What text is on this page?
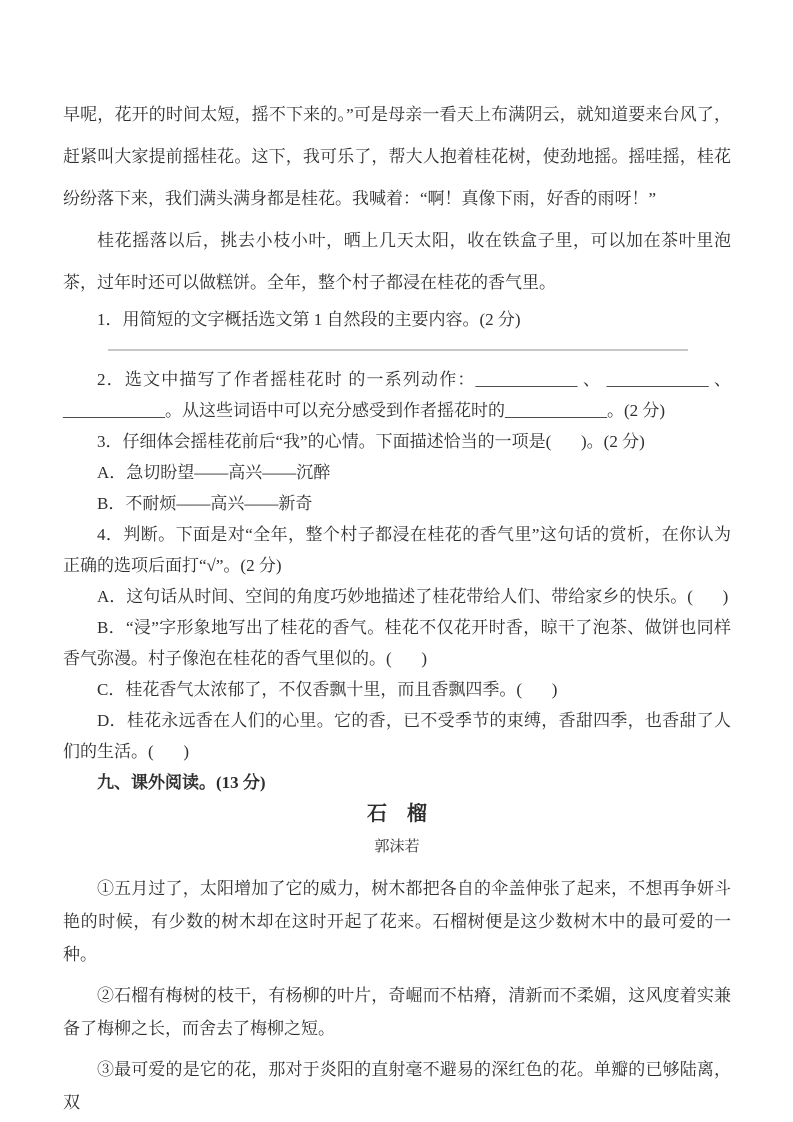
早呢，花开的时间太短，摇不下来的。”可是母亲一看天上布满阴云，就知道要来台风了，赶紧叫大家提前摇桂花。这下，我可乐了，帮大人抱着桂花树，使劲地摇。摇哇摇，桂花纷纷落下来，我们满头满身都是桂花。我喊着：“啊！真像下雨，好香的雨呀！”

桂花摇落以后，挑去小枝小叶，晒上几天太阳，收在铁盒子里，可以加在茶叶里泡茶，过年时还可以做糕饼。全年，整个村子都浸在桂花的香气里。

1．用简短的文字概括选文第 1 自然段的主要内容。(2 分)

2．选文中描写了作者摇桂花时 的一系列动作：____________ 、 ____________ 、____________。从这些词语中可以充分感受到作者摇花时的____________。(2 分)

3．仔细体会摇桂花前后“我”的心情。下面描述恰当的一项是(       )。(2 分)

A．急切盼望——高兴——沉醉

B．不耐烦——高兴——新奇

4．判断。下面是对“全年，整个村子都浸在桂花的香气里”这句话的赏析，在你认为正确的选项后面打“√”。(2 分)

A．这句话从时间、空间的角度巧妙地描述了桂花带给人们、带给家乡的快乐。(       )

B．“浸”字形象地写出了桂花的香气。桂花不仅花开时香，晾干了泡茶、做饼也同样香气弥漫。村子像泡在桂花的香气里似的。(       )

C．桂花香气太浓郁了，不仅香飘十里，而且香飘四季。(       )

D．桂花永远香在人们的心里。它的香，已不受季节的束缚，香甜四季，也香甜了人们的生活。(       )

九、课外阅读。(13 分)

石　榴

郭沫若

①五月过了，太阳增加了它的威力，树木都把各自的伞盖伸张了起来，不想再争妍斗艳的时候，有少数的树木却在这时开起了花来。石榴树便是这少数树木中的最可爱的一种。

②石榴有梅树的枝干，有杨柳的叶片，奇崛而不枯瘠，清新而不柔媚，这风度着实兼备了梅柳之长，而舍去了梅柳之短。

③最可爱的是它的花，那对于炎阳的直射毫不避易的深红色的花。单瓣的已够陆离，双
